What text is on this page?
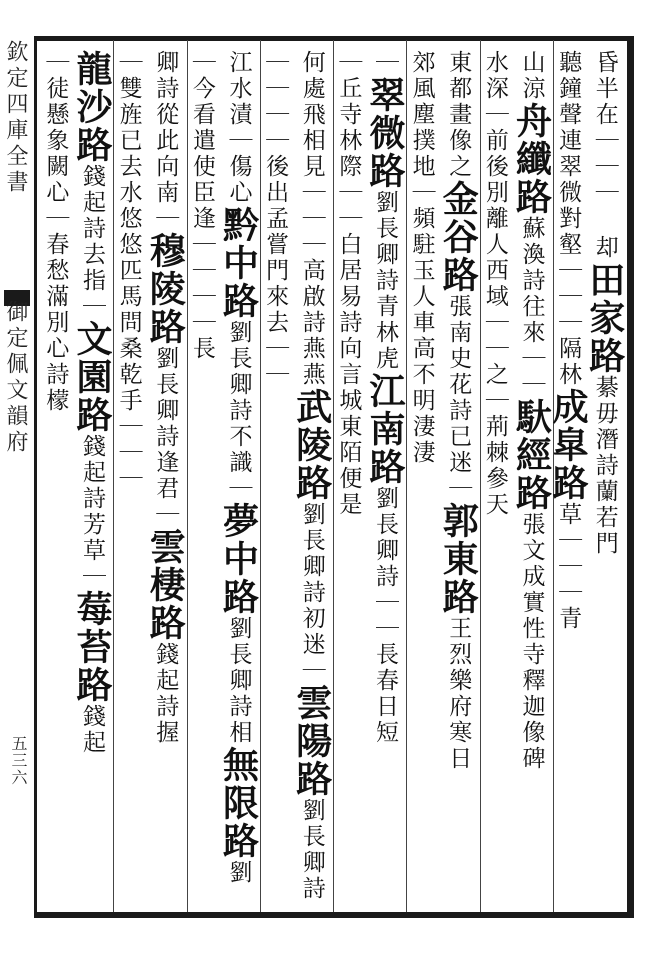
昏半在｜｜｜ 却田家路綦毋潛詩蘭若門
聽鐘聲連翠微對壑｜｜｜隔林成皐路草｜｜｜青
山涼舟纖路蘇渙詩往來｜｜馱經路張文成實性寺釋迦像碑
水深｜前後別離人西域｜｜之｜荊棘參天
東都畫像之金谷路張南史花詩已迷｜郭東路王烈樂府寒日
郊風塵撲地｜頻駐玉人車高不明淒淒
｜翠微路劉長卿詩青林虎江南路劉長卿詩｜｜長春日短
｜丘寺林際｜｜白居易詩向言城東陌便是
何處飛相見｜｜｜高啟詩燕燕武陵路劉長卿詩初迷｜雲陽路劉長卿詩
｜｜｜｜後出孟嘗門來去｜｜
江水漬｜傷心黔中路劉長卿詩不識｜夢中路劉長卿詩相無限路劉
｜今看遣使臣逢｜｜｜｜長
卿詩從此向南｜穆陵路劉長卿詩逢君｜雲棲路錢起詩握
｜雙旌已去水悠悠匹馬問桑乾手｜｜｜
龍沙路錢起詩去指｜文園路錢起詩芳草｜莓苔路錢起
｜徒懸象闕心｜春愁滿別心詩檬
欽定四庫全書
御定佩文韻府
五三六
